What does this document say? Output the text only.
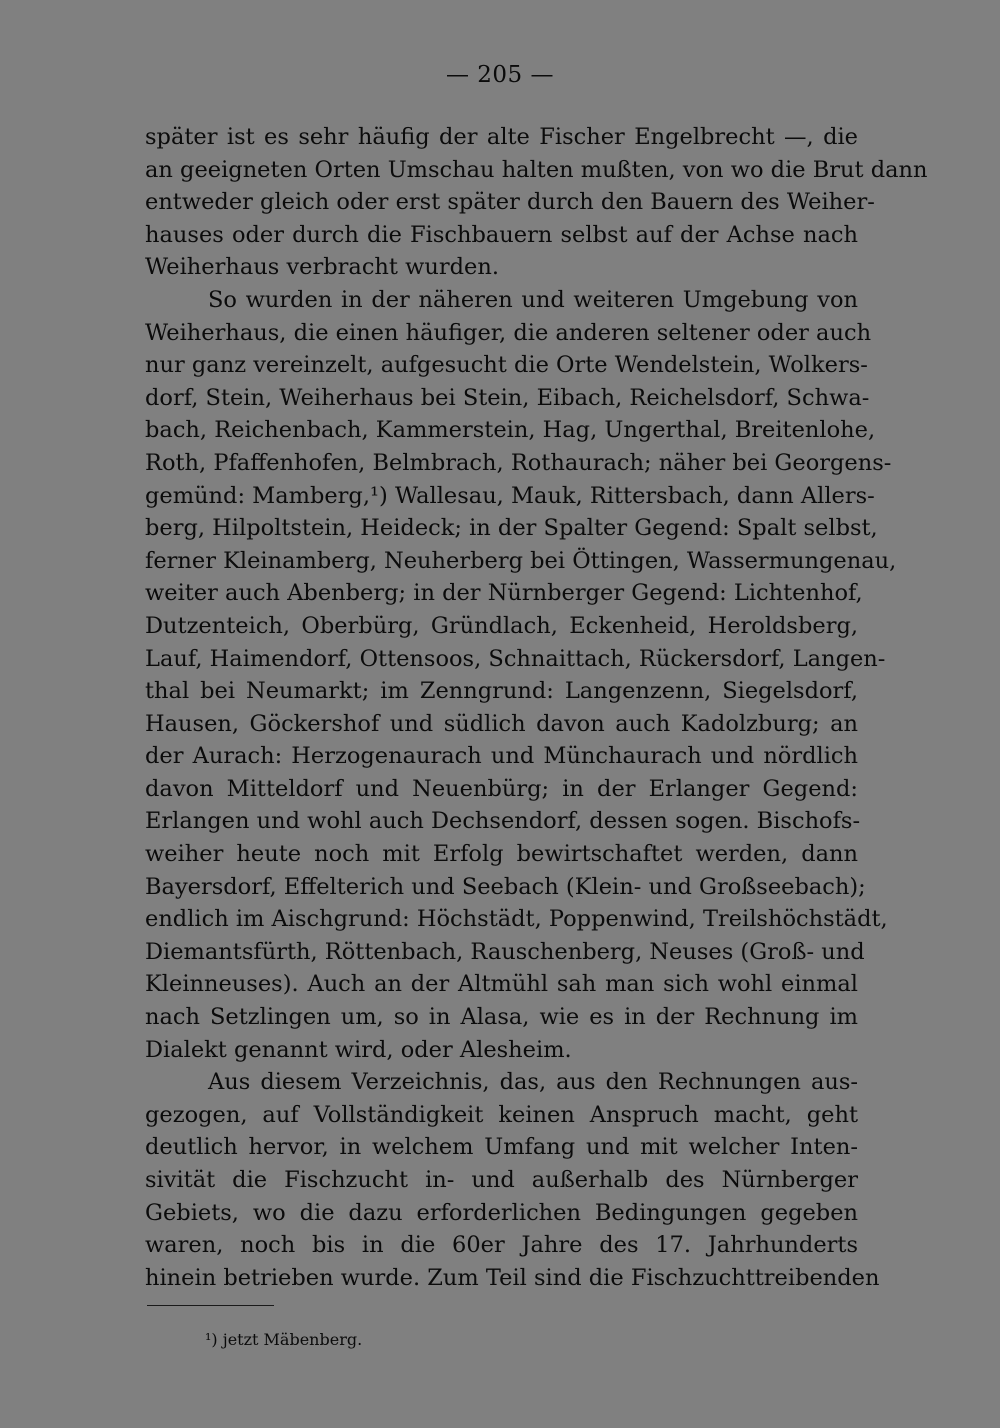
— 205 —
später ist es sehr häufig der alte Fischer Engelbrecht —, die
an geeigneten Orten Umschau halten mußten, von wo die Brut dann
entweder gleich oder erst später durch den Bauern des Weiher-
hauses oder durch die Fischbauern selbst auf der Achse nach
Weiherhaus verbracht wurden.
So wurden in der näheren und weiteren Umgebung von
Weiherhaus, die einen häufiger, die anderen seltener oder auch
nur ganz vereinzelt, aufgesucht die Orte Wendelstein, Wolkers-
dorf, Stein, Weiherhaus bei Stein, Eibach, Reichelsdorf, Schwa-
bach, Reichenbach, Kammerstein, Hag, Ungerthal, Breitenlohe,
Roth, Pfaffenhofen, Belmbrach, Rothaurach; näher bei Georgens-
gemünd: Mamberg,¹) Wallesau, Mauk, Rittersbach, dann Allers-
berg, Hilpoltstein, Heideck; in der Spalter Gegend: Spalt selbst,
ferner Kleinamberg, Neuherberg bei Öttingen, Wassermungenau,
weiter auch Abenberg; in der Nürnberger Gegend: Lichtenhof,
Dutzenteich, Oberbürg, Gründlach, Eckenheid, Heroldsberg,
Lauf, Haimendorf, Ottensoos, Schnaittach, Rückersdorf, Langen-
thal bei Neumarkt; im Zenngrund: Langenzenn, Siegelsdorf,
Hausen, Göckershof und südlich davon auch Kadolzburg; an
der Aurach: Herzogenaurach und Münchaurach und nördlich
davon Mitteldorf und Neuenbürg; in der Erlanger Gegend:
Erlangen und wohl auch Dechsendorf, dessen sogen. Bischofs-
weiher heute noch mit Erfolg bewirtschaftet werden, dann
Bayersdorf, Effelterich und Seebach (Klein- und Großseebach);
endlich im Aischgrund: Höchstädt, Poppenwind, Treilshöchstädt,
Diemantsfürth, Röttenbach, Rauschenberg, Neuses (Groß- und
Kleinneuses). Auch an der Altmühl sah man sich wohl einmal
nach Setzlingen um, so in Alasa, wie es in der Rechnung im
Dialekt genannt wird, oder Alesheim.
Aus diesem Verzeichnis, das, aus den Rechnungen aus-
gezogen, auf Vollständigkeit keinen Anspruch macht, geht
deutlich hervor, in welchem Umfang und mit welcher Inten-
sivität die Fischzucht in- und außerhalb des Nürnberger
Gebiets, wo die dazu erforderlichen Bedingungen gegeben
waren, noch bis in die 60er Jahre des 17. Jahrhunderts
hinein betrieben wurde. Zum Teil sind die Fischzuchttreibenden
¹) jetzt Mäbenberg.
